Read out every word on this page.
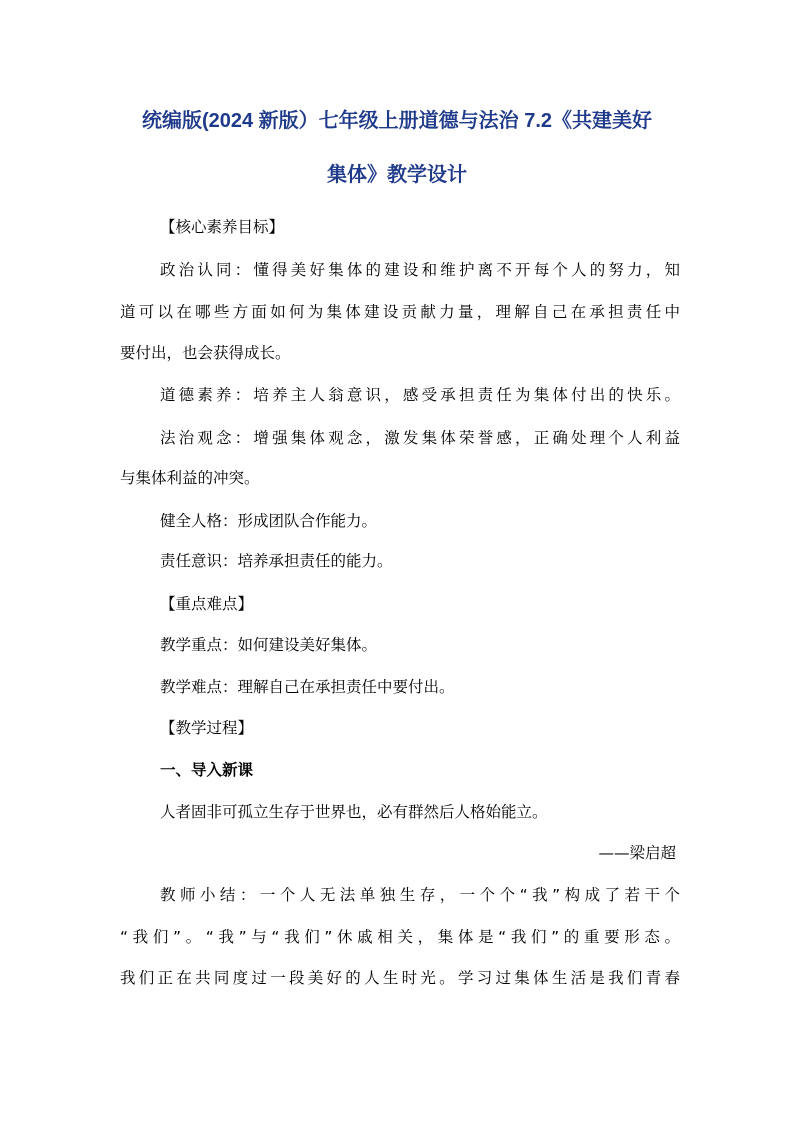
统编版(2024 新版）七年级上册道德与法治 7.2《共建美好
集体》教学设计
【核心素养目标】
政治认同：懂得美好集体的建设和维护离不开每个人的努力，知
道可以在哪些方面如何为集体建设贡献力量，理解自己在承担责任中
要付出，也会获得成长。
道德素养：培养主人翁意识，感受承担责任为集体付出的快乐。
法治观念：增强集体观念，激发集体荣誉感，正确处理个人利益
与集体利益的冲突。
健全人格：形成团队合作能力。
责任意识：培养承担责任的能力。
【重点难点】
教学重点：如何建设美好集体。
教学难点：理解自己在承担责任中要付出。
【教学过程】
一、导入新课
人者固非可孤立生存于世界也，必有群然后人格始能立。
——梁启超
教师小结：一个人无法单独生存，一个个“我”构成了若干个
“我们”。“我”与“我们”休戚相关，集体是“我们”的重要形态。
我们正在共同度过一段美好的人生时光。学习过集体生活是我们青春
